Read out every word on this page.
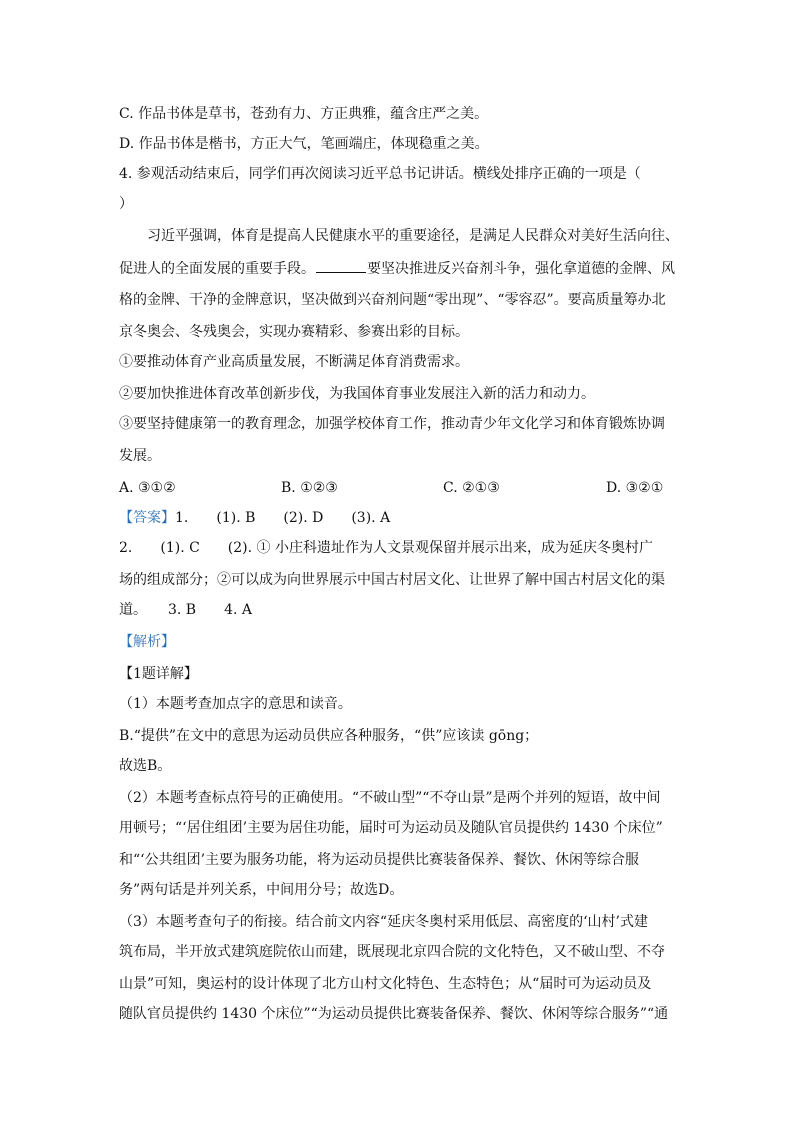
C. 作品书体是草书，苍劲有力、方正典雅，蕴含庄严之美。
D. 作品书体是楷书，方正大气，笔画端庄，体现稳重之美。
4. 参观活动结束后，同学们再次阅读习近平总书记讲话。横线处排序正确的一项是（
）
习近平强调，体育是提高人民健康水平的重要途径，是满足人民群众对美好生活向往、
促进人的全面发展的重要手段。	要坚决推进反兴奋剂斗争，强化拿道德的金牌、风
格的金牌、干净的金牌意识，坚决做到兴奋剂问题“零出现”、“零容忍”。要高质量筹办北
京冬奥会、冬残奥会，实现办赛精彩、参赛出彩的目标。
①要推动体育产业高质量发展，不断满足体育消费需求。
②要加快推进体育改革创新步伐，为我国体育事业发展注入新的活力和动力。
③要坚持健康第一的教育理念，加强学校体育工作，推动青少年文化学习和体育锻炼协调
发展。
A. ③①②	B. ①②③	C. ②①③	D. ③②①
【答案】1.　　(1). B　　(2). D　　(3). A
2.　　(1). C　　(2). ① 小庄科遗址作为人文景观保留并展示出来，成为延庆冬奥村广
场的组成部分；②可以成为向世界展示中国古村居文化、让世界了解中国古村居文化的渠
道。　　3. B　　4. A
【解析】
【1题详解】
（1）本题考查加点字的意思和读音。
B.“提供”在文中的意思为运动员供应各种服务，“供”应该读 gōng；
故选B。
（2）本题考查标点符号的正确使用。“不破山型”“不夺山景”是两个并列的短语，故中间
用顿号；“‘居住组团’主要为居住功能，届时可为运动员及随队官员提供约 1430 个床位”
和“‘公共组团’主要为服务功能，将为运动员提供比赛装备保养、餐饮、休闲等综合服
务”两句话是并列关系，中间用分号；故选D。
（3）本题考查句子的衔接。结合前文内容“延庆冬奥村采用低层、高密度的‘山村’式建
筑布局，半开放式建筑庭院依山而建，既展现北京四合院的文化特色，又不破山型、不夺
山景”可知，奥运村的设计体现了北方山村文化特色、生态特色；从“届时可为运动员及
随队官员提供约 1430 个床位”“为运动员提供比赛装备保养、餐饮、休闲等综合服务”“通
